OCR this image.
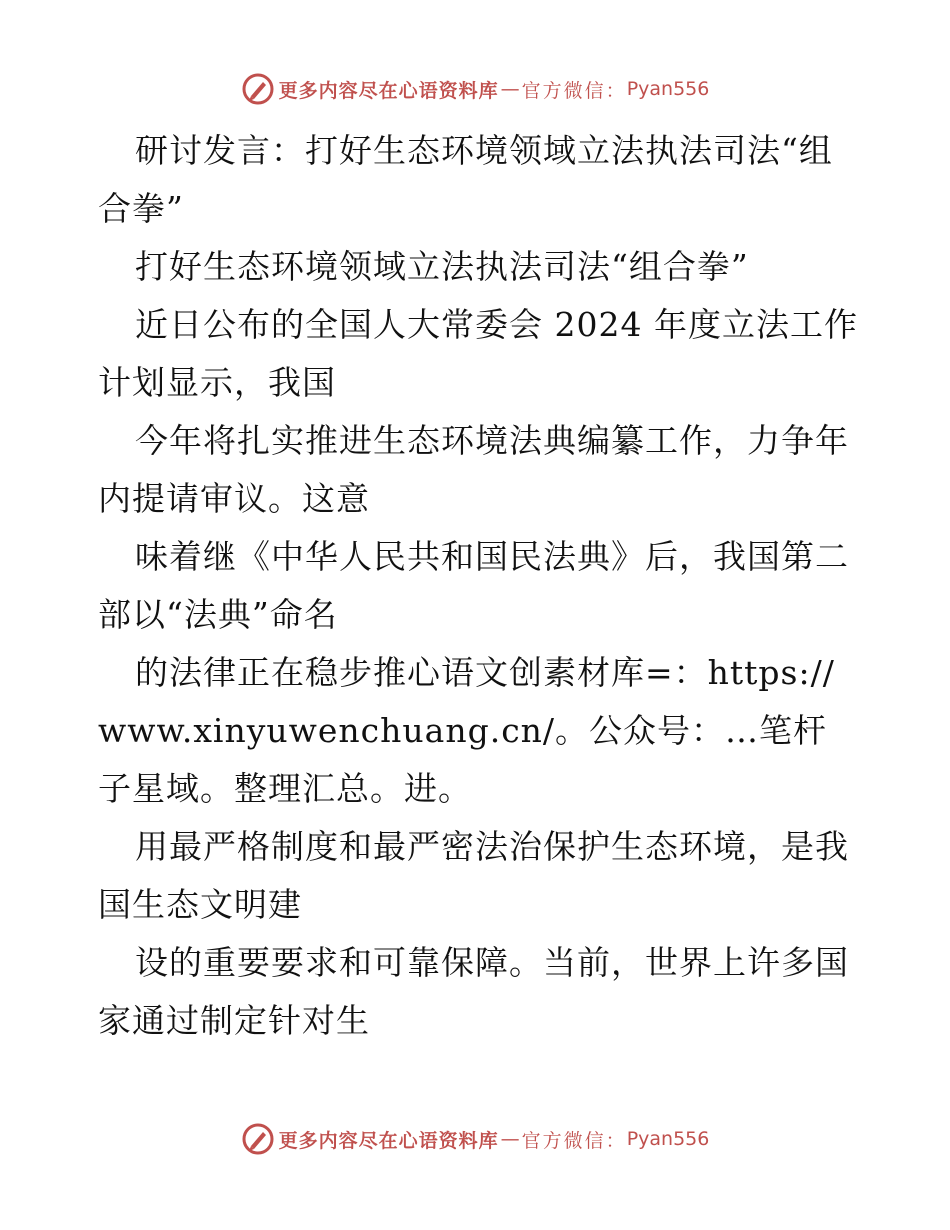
更多内容尽在心语资料库 — 官方微信： Pyan556

研讨发言：打好生态环境领域立法执法司法“组合拳”

打好生态环境领域立法执法司法“组合拳”

近日公布的全国人大常委会 2024 年度立法工作计划显示，我国

今年将扎实推进生态环境法典编纂工作，力争年内提请审议。这意

味着继《中华人民共和国民法典》后，我国第二部以“法典”命名

的法律正在稳步推心语文创素材库=：https://www.xinyuwenchuang.cn/。公众号：…笔杆子星域。整理汇总。进。

用最严格制度和最严密法治保护生态环境，是我国生态文明建

设的重要要求和可靠保障。当前，世界上许多国家通过制定针对生

更多内容尽在心语资料库 — 官方微信： Pyan556
